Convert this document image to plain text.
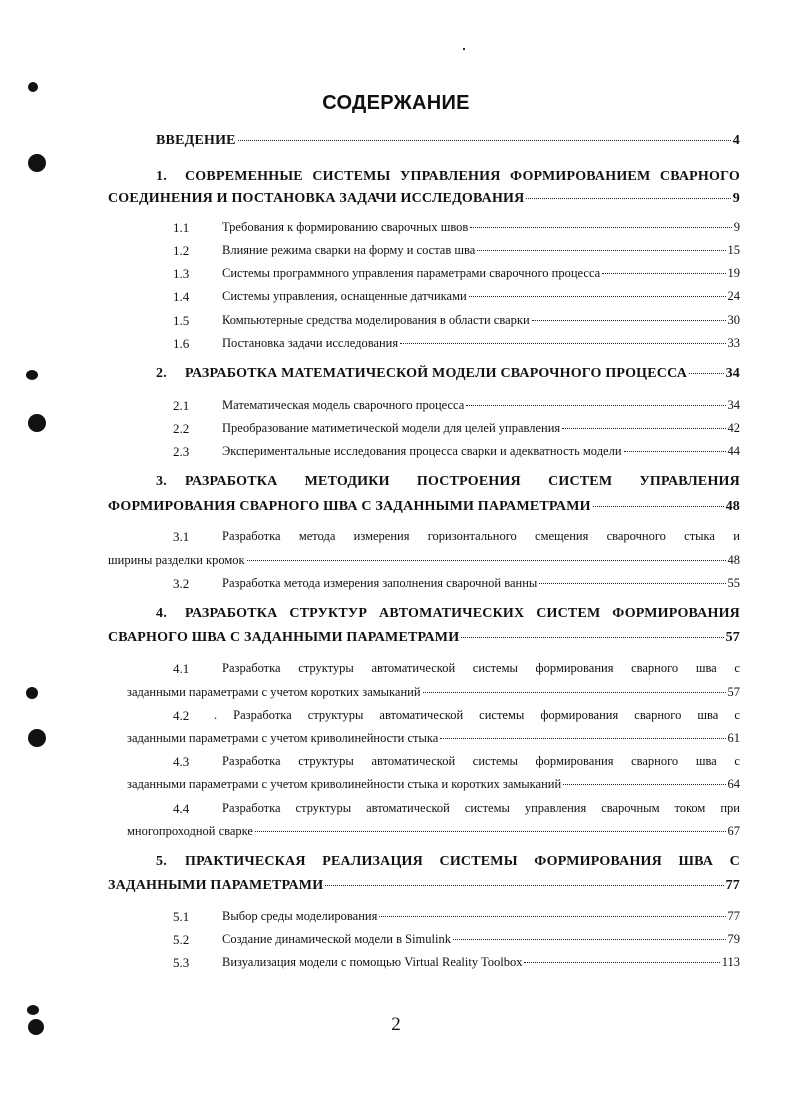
СОДЕРЖАНИЕ
ВВЕДЕНИЕ	4
1. СОВРЕМЕННЫЕ СИСТЕМЫ УПРАВЛЕНИЯ ФОРМИРОВАНИЕМ СВАРНОГО
СОЕДИНЕНИЯ И ПОСТАНОВКА ЗАДАЧИ ИССЛЕДОВАНИЯ	9
1.1	Требования к формированию сварочных швов	9
1.2	Влияние режима сварки на форму и состав шва	15
1.3	Системы программного управления параметрами сварочного процесса	19
1.4	Системы управления, оснащенные датчиками	24
1.5	Компьютерные средства моделирования в области сварки	30
1.6	Постановка задачи исследования	33
2. РАЗРАБОТКА МАТЕМАТИЧЕСКОЙ МОДЕЛИ СВАРОЧНОГО ПРОЦЕССА	34
2.1	Математическая модель сварочного процесса	34
2.2	Преобразование матиметической модели для целей управления	42
2.3	Экспериментальные исследования процесса сварки и адекватность модели	44
3. РАЗРАБОТКА МЕТОДИКИ ПОСТРОЕНИЯ СИСТЕМ УПРАВЛЕНИЯ
ФОРМИРОВАНИЯ СВАРНОГО ШВА С ЗАДАННЫМИ ПАРАМЕТРАМИ	48
3.1	Разработка метода измерения горизонтального смещения сварочного стыка и
ширины разделки кромок	48
3.2	Разработка метода измерения заполнения сварочной ванны	55
4. РАЗРАБОТКА СТРУКТУР АВТОМАТИЧЕСКИХ СИСТЕМ ФОРМИРОВАНИЯ
СВАРНОГО ШВА С ЗАДАННЫМИ ПАРАМЕТРАМИ	57
4.1	Разработка структуры автоматической системы формирования сварного шва с
заданными параметрами с учетом коротких замыканий	57
4.2 . Разработка структуры автоматической системы формирования сварного шва с
заданными параметрами с учетом криволинейности стыка	61
4.3	Разработка структуры автоматической системы формирования сварного шва с
заданными параметрами с учетом криволинейности стыка и коротких замыканий	64
4.4	Разработка структуры автоматической системы управления сварочным током при
многопроходной сварке	67
5. ПРАКТИЧЕСКАЯ РЕАЛИЗАЦИЯ СИСТЕМЫ ФОРМИРОВАНИЯ ШВА С
ЗАДАННЫМИ ПАРАМЕТРАМИ	77
5.1	Выбор среды моделирования	77
5.2	Создание динамической модели в Simulink	79
5.3	Визуализация модели с помощью Virtual Reality Toolbox	113
2
